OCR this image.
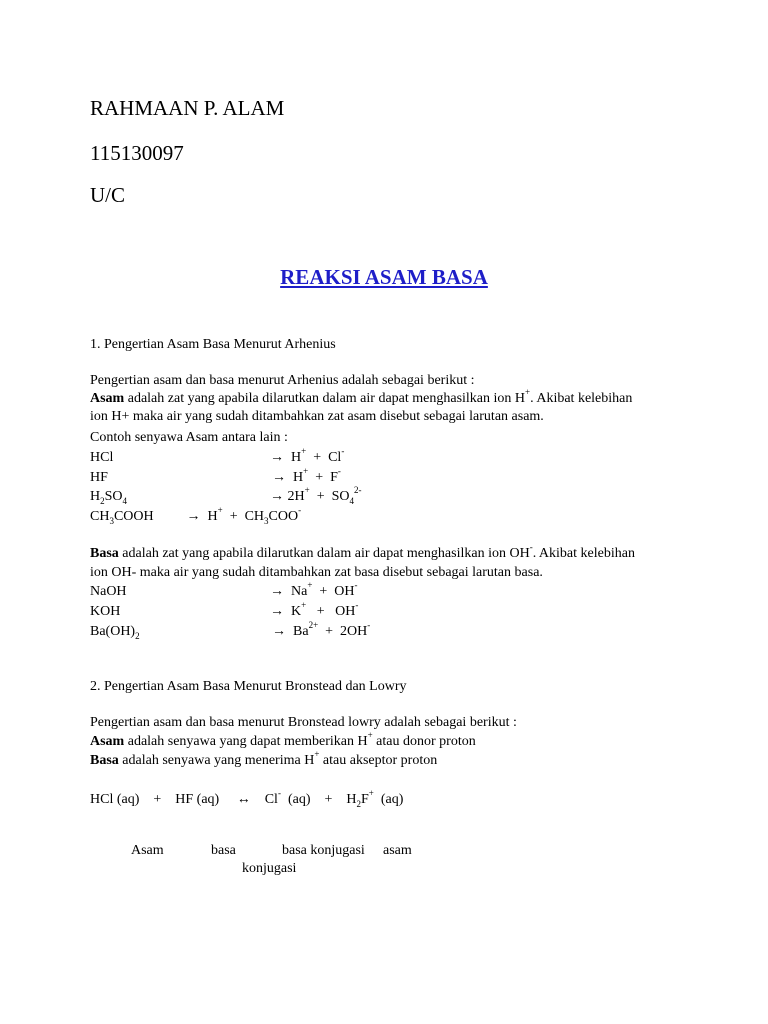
RAHMAAN P. ALAM
115130097
U/C
REAKSI ASAM BASA
1. Pengertian Asam Basa Menurut Arhenius
Pengertian asam dan basa menurut Arhenius adalah sebagai berikut :
Asam adalah zat yang apabila dilarutkan dalam air dapat menghasilkan ion H+. Akibat kelebihan
ion H+ maka air yang sudah ditambahkan zat asam disebut sebagai larutan asam.
Contoh senyawa Asam antara lain :
HCl	→  H+  +  Cl-
HF	→  H+  +  F-
$H_2SO_4$	→ $2H^+ + SO_4^{2-}$
$CH_3COOH$	→  $H^+ + CH_3COO^-$
Basa adalah zat yang apabila dilarutkan dalam air dapat menghasilkan ion OH-. Akibat kelebihan
ion OH- maka air yang sudah ditambahkan zat basa disebut sebagai larutan basa.
NaOH	→  Na+  +  OH-
KOH	→  K+   +   OH-
$Ba(OH)_2$	→  $Ba^{2+} + 2OH^-$
2. Pengertian Asam Basa Menurut Bronstead dan Lowry
Pengertian asam dan basa menurut Bronstead lowry adalah sebagai berikut :
Asam adalah senyawa yang dapat memberikan H+ atau donor proton
Basa adalah senyawa yang menerima H+ atau akseptor proton
HCl (aq)    +    HF (aq)     ↔    Cl-  (aq)    +    $H_2F^+$  (aq)
Asam	basa	basa konjugasi asam
konjugasi
